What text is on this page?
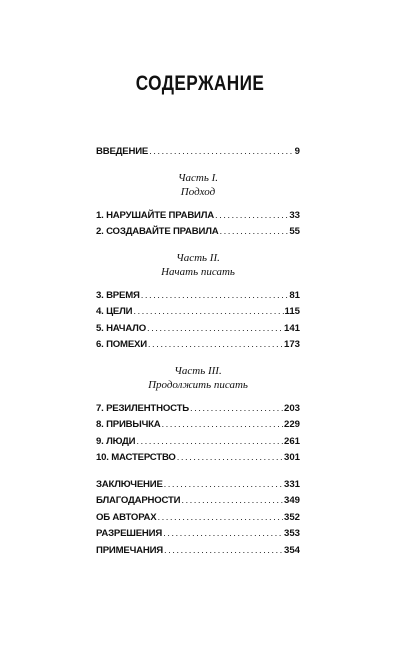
СОДЕРЖАНИЕ
ВВЕДЕНИЕ . . .	9
Часть I.
Подход
1. НАРУШАЙТЕ ПРАВИЛА . . .	33
2. СОЗДАВАЙТЕ ПРАВИЛА . . .	55
Часть II.
Начать писать
3. ВРЕМЯ . . .	81
4. ЦЕЛИ . . .	115
5. НАЧАЛО . . .	141
6. ПОМЕХИ . . .	173
Часть III.
Продолжить писать
7. РЕЗИЛЕНТНОСТЬ . . .	203
8. ПРИВЫЧКА . . .	229
9. ЛЮДИ . . .	261
10. МАСТЕРСТВО . . .	301
ЗАКЛЮЧЕНИЕ . . .	331
БЛАГОДАРНОСТИ . . .	349
ОБ АВТОРАХ . . .	352
РАЗРЕШЕНИЯ . . .	353
ПРИМЕЧАНИЯ . . .	354
